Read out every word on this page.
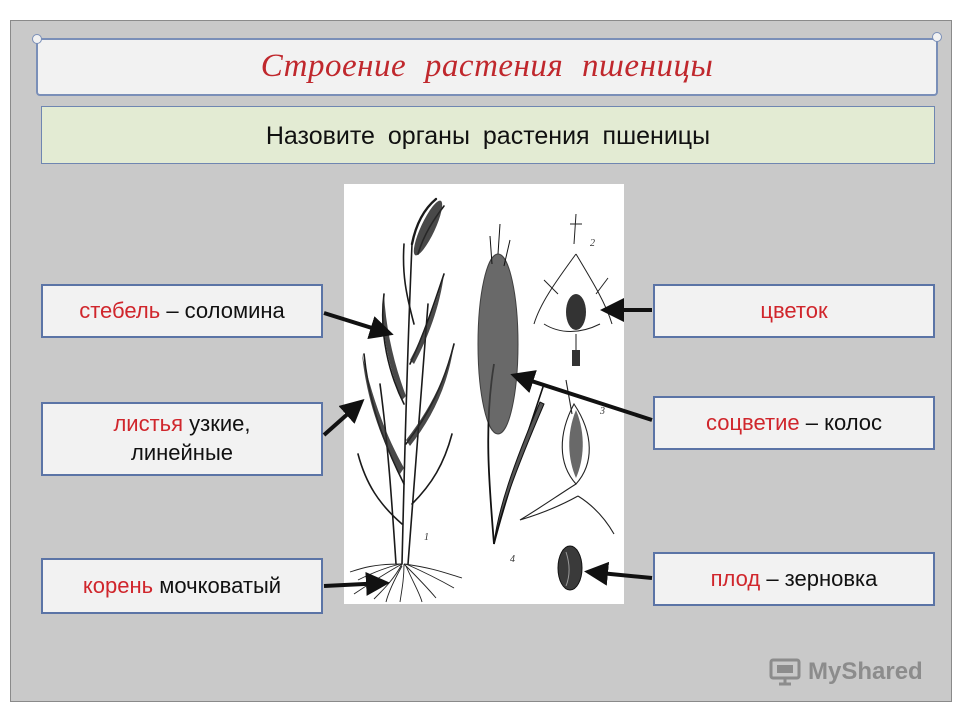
Строение растения пшеницы
Назовите органы растения пшеницы
1
2
3
4
стебель – соломина
листья узкие,
линейные
корень мочковатый
цветок
соцветие – колос
плод – зерновка
MyShared
